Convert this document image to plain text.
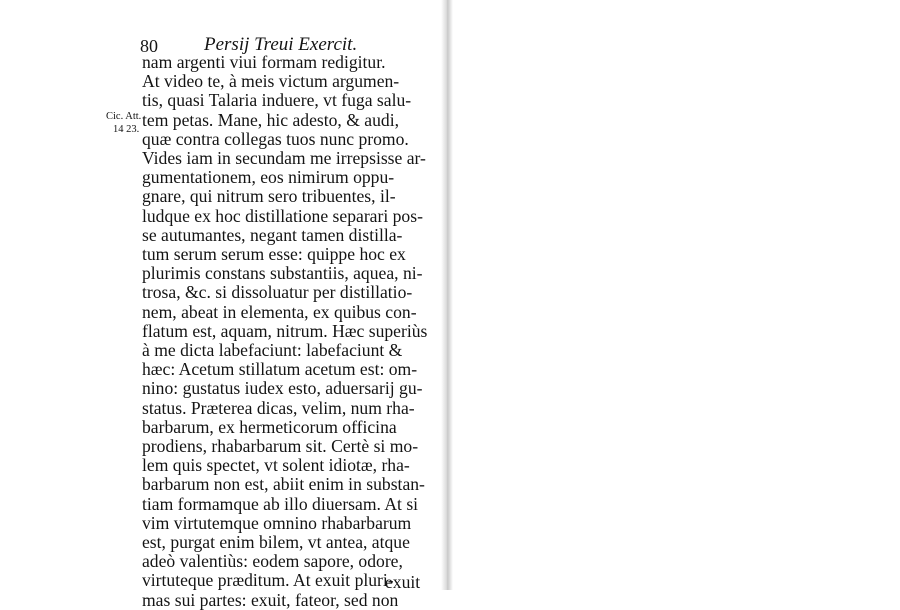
80 Persij Treui Exercit.
Cic. Att.
14 23.
nam argenti viui formam redigitur.
At video te, à meis victum argumen-
tis, quasi Talaria induere, vt fuga salu-
tem petas. Mane, hic adesto, & audi,
quæ contra collegas tuos nunc promo.
Vides iam in secundam me irrepsisse ar-
gumentationem, eos nimirum oppu-
gnare, qui nitrum sero tribuentes, il-
ludque ex hoc distillatione separari pos-
se autumantes, negant tamen distilla-
tum serum serum esse: quippe hoc ex
plurimis constans substantiis, aquea, ni-
trosa, &c. si dissoluatur per distillatio-
nem, abeat in elementa, ex quibus con-
flatum est, aquam, nitrum. Hæc superiùs
à me dicta labefaciunt: labefaciunt &
hæc: Acetum stillatum acetum est: om-
nino: gustatus iudex esto, aduersarij gu-
status. Præterea dicas, velim, num rha-
barbarum, ex hermeticorum officina
prodiens, rhabarbarum sit. Certè si mo-
lem quis spectet, vt solent idiotæ, rha-
barbarum non est, abiit enim in substan-
tiam formamque ab illo diuersam. At si
vim virtutemque omnino rhabarbarum
est, purgat enim bilem, vt antea, atque
adeò valentiùs: eodem sapore, odore,
virtuteque præditum. At exuit pluri-
mas sui partes: exuit, fateor, sed non
exuit
